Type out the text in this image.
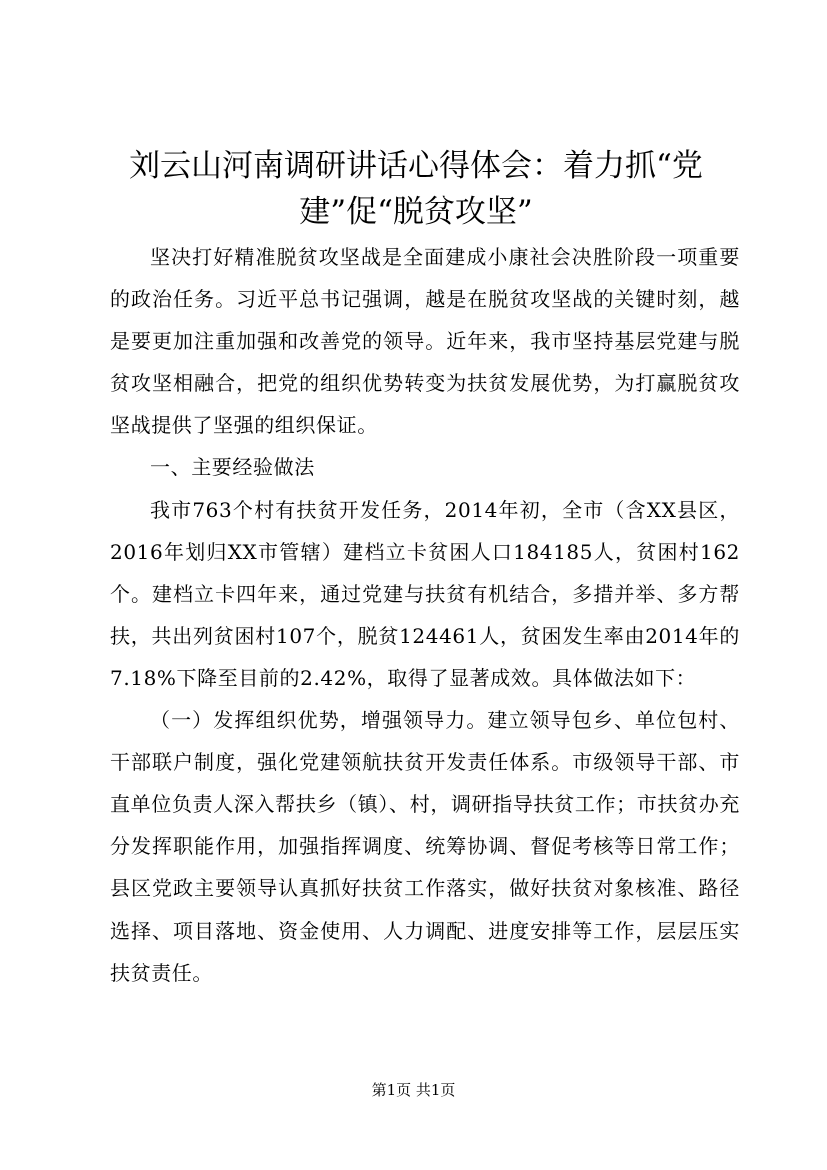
刘云山河南调研讲话心得体会：着力抓“党建”促“脱贫攻坚”

坚决打好精准脱贫攻坚战是全面建成小康社会决胜阶段一项重要的政治任务。习近平总书记强调，越是在脱贫攻坚战的关键时刻，越是要更加注重加强和改善党的领导。近年来，我市坚持基层党建与脱贫攻坚相融合，把党的组织优势转变为扶贫发展优势，为打赢脱贫攻坚战提供了坚强的组织保证。

一、主要经验做法

我市763个村有扶贫开发任务，2014年初，全市（含XX县区，2016年划归XX市管辖）建档立卡贫困人口184185人，贫困村162个。建档立卡四年来，通过党建与扶贫有机结合，多措并举、多方帮扶，共出列贫困村107个，脱贫124461人，贫困发生率由2014年的7.18%下降至目前的2.42%，取得了显著成效。具体做法如下：

（一）发挥组织优势，增强领导力。建立领导包乡、单位包村、干部联户制度，强化党建领航扶贫开发责任体系。市级领导干部、市直单位负责人深入帮扶乡（镇）、村，调研指导扶贫工作；市扶贫办充分发挥职能作用，加强指挥调度、统筹协调、督促考核等日常工作；县区党政主要领导认真抓好扶贫工作落实，做好扶贫对象核准、路径选择、项目落地、资金使用、人力调配、进度安排等工作，层层压实扶贫责任。

第1页 共1页
